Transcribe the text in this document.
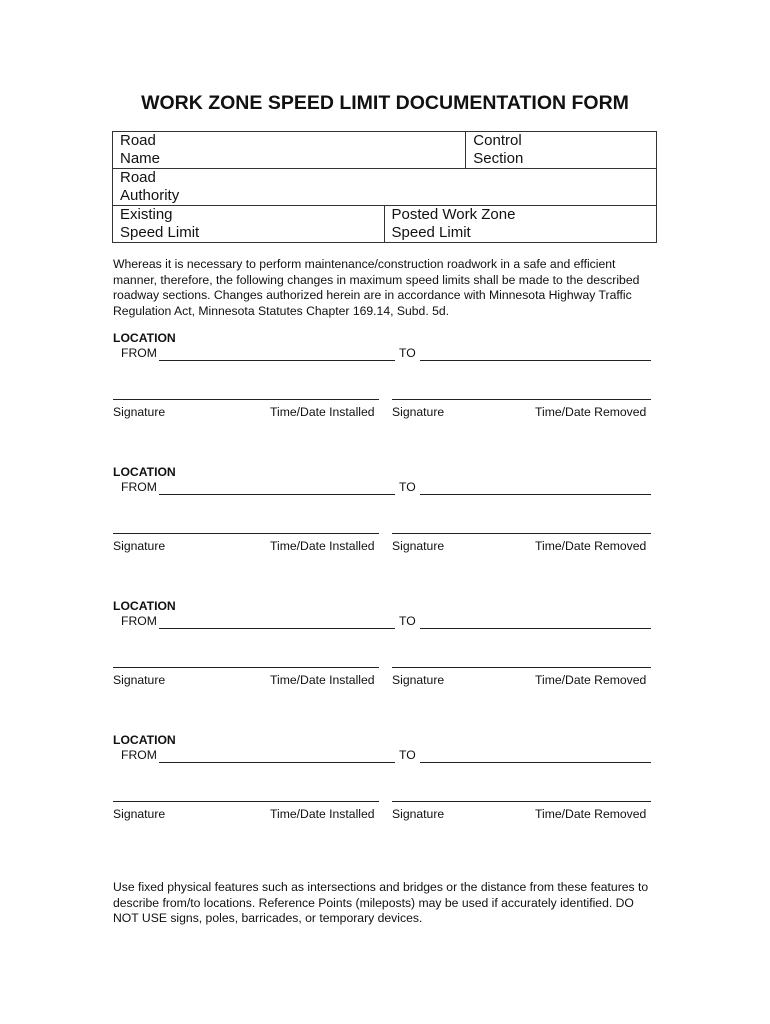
WORK ZONE SPEED LIMIT DOCUMENTATION FORM
Road
Name		Control
Section
Road
Authority		
Existing
Speed Limit	Posted Work Zone
Speed Limit	
Whereas it is necessary to perform maintenance/construction roadwork in a safe and efficient manner, therefore, the following changes in maximum speed limits shall be made to the described roadway sections. Changes authorized herein are in accordance with Minnesota Highway Traffic Regulation Act, Minnesota Statutes Chapter 169.14, Subd. 5d.
LOCATION
FROM	TO
Signature	Time/Date Installed Signature	Time/Date Removed
LOCATION
FROM	TO
Signature	Time/Date Installed Signature	Time/Date Removed
LOCATION
FROM	TO
Signature	Time/Date Installed Signature	Time/Date Removed
LOCATION
FROM	TO
Signature	Time/Date Installed Signature	Time/Date Removed
Use fixed physical features such as intersections and bridges or the distance from these features to describe from/to locations. Reference Points (mileposts) may be used if accurately identified. DO NOT USE signs, poles, barricades, or temporary devices.
